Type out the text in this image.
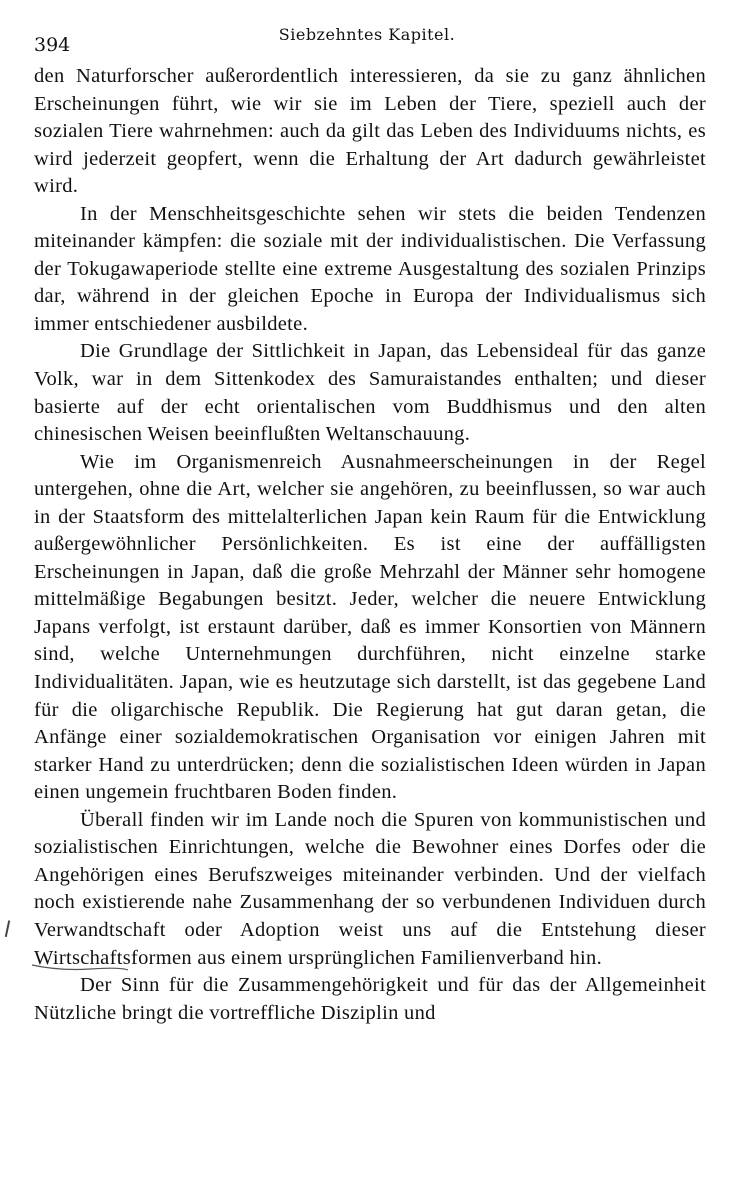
394	Siebzehntes Kapitel.

den Naturforscher außerordentlich interessieren, da sie zu ganz ähnlichen Erscheinungen führt, wie wir sie im Leben der Tiere, speziell auch der sozialen Tiere wahrnehmen: auch da gilt das Leben des Individuums nichts, es wird jederzeit geopfert, wenn die Erhaltung der Art dadurch gewährleistet wird.

In der Menschheitsgeschichte sehen wir stets die beiden Tendenzen miteinander kämpfen: die soziale mit der individualistischen. Die Verfassung der Tokugawaperiode stellte eine extreme Ausgestaltung des sozialen Prinzips dar, während in der gleichen Epoche in Europa der Individualismus sich immer entschiedener ausbildete.

Die Grundlage der Sittlichkeit in Japan, das Lebensideal für das ganze Volk, war in dem Sittenkodex des Samuraistandes enthalten; und dieser basierte auf der echt orientalischen vom Buddhismus und den alten chinesischen Weisen beeinflußten Weltanschauung.

Wie im Organismenreich Ausnahmeerscheinungen in der Regel untergehen, ohne die Art, welcher sie angehören, zu beeinflussen, so war auch in der Staatsform des mittelalterlichen Japan kein Raum für die Entwicklung außergewöhnlicher Persönlichkeiten. Es ist eine der auffälligsten Erscheinungen in Japan, daß die große Mehrzahl der Männer sehr homogene mittelmäßige Begabungen besitzt. Jeder, welcher die neuere Entwicklung Japans verfolgt, ist erstaunt darüber, daß es immer Konsortien von Männern sind, welche Unternehmungen durchführen, nicht einzelne starke Individualitäten. Japan, wie es heutzutage sich darstellt, ist das gegebene Land für die oligarchische Republik. Die Regierung hat gut daran getan, die Anfänge einer sozialdemokratischen Organisation vor einigen Jahren mit starker Hand zu unterdrücken; denn die sozialistischen Ideen würden in Japan einen ungemein fruchtbaren Boden finden.

Überall finden wir im Lande noch die Spuren von kommunistischen und sozialistischen Einrichtungen, welche die Bewohner eines Dorfes oder die Angehörigen eines Berufszweiges miteinander verbinden. Und der vielfach noch existierende nahe Zusammenhang der so verbundenen Individuen durch Verwandtschaft oder Adoption weist uns auf die Entstehung dieser Wirtschaftsformen aus einem ursprünglichen Familienverband hin.

Der Sinn für die Zusammengehörigkeit und für das der Allgemeinheit Nützliche bringt die vortreffliche Disziplin und

l
